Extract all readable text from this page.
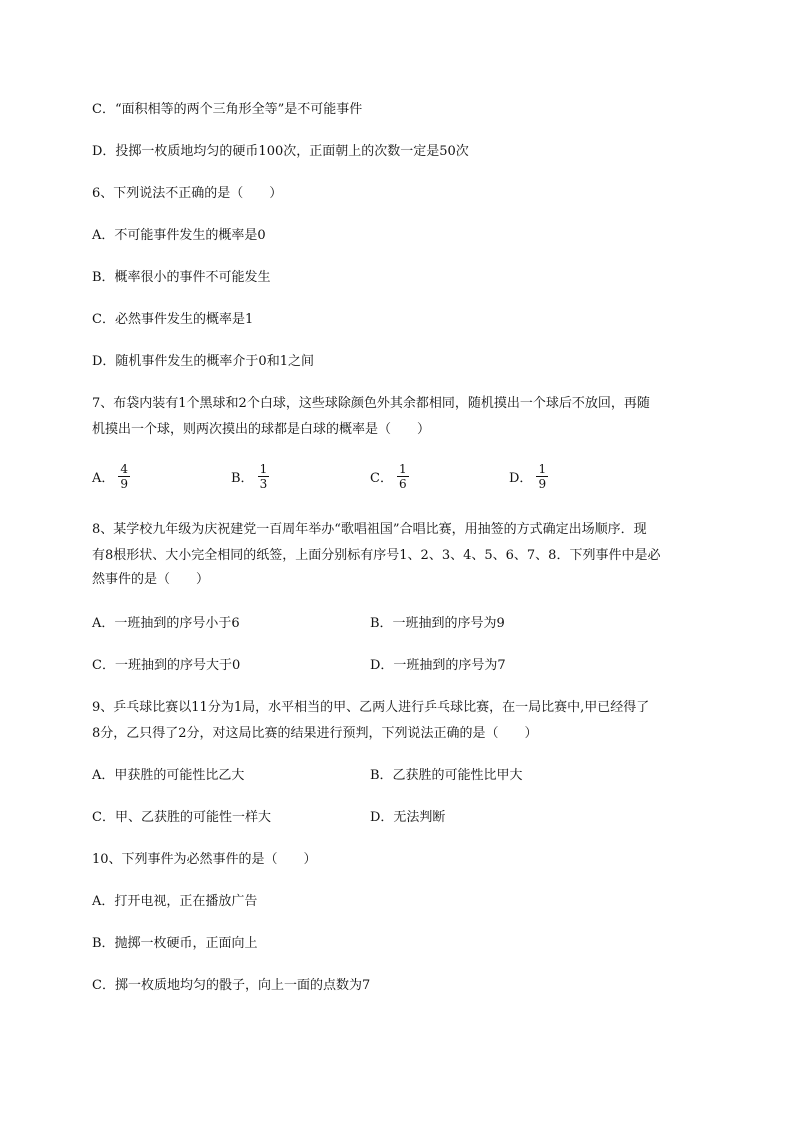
C．“面积相等的两个三角形全等”是不可能事件
D．投掷一枚质地均匀的硬币100次，正面朝上的次数一定是50次
6、下列说法不正确的是（　　）
A．不可能事件发生的概率是0
B．概率很小的事件不可能发生
C．必然事件发生的概率是1
D．随机事件发生的概率介于0和1之间
7、布袋内装有1个黑球和2个白球，这些球除颜色外其余都相同，随机摸出一个球后不放回，再随
机摸出一个球，则两次摸出的球都是白球的概率是（　　）
A． $\frac{4}{9}$	B． $\frac{1}{3}$	C． $\frac{1}{6}$	D． $\frac{1}{9}$
8、某学校九年级为庆祝建党一百周年举办“歌唱祖国”合唱比赛，用抽签的方式确定出场顺序．现
有8根形状、大小完全相同的纸签，上面分别标有序号1、2、3、4、5、6、7、8．下列事件中是必
然事件的是（　　）
A．一班抽到的序号小于6	B．一班抽到的序号为9
C．一班抽到的序号大于0	D．一班抽到的序号为7
9、乒乓球比赛以11分为1局，水平相当的甲、乙两人进行乒乓球比赛，在一局比赛中,甲已经得了
8分，乙只得了2分，对这局比赛的结果进行预判，下列说法正确的是（　　）
A．甲获胜的可能性比乙大	B．乙获胜的可能性比甲大
C．甲、乙获胜的可能性一样大	D．无法判断
10、下列事件为必然事件的是（　　）
A．打开电视，正在播放广告
B．抛掷一枚硬币，正面向上
C．掷一枚质地均匀的骰子，向上一面的点数为7
